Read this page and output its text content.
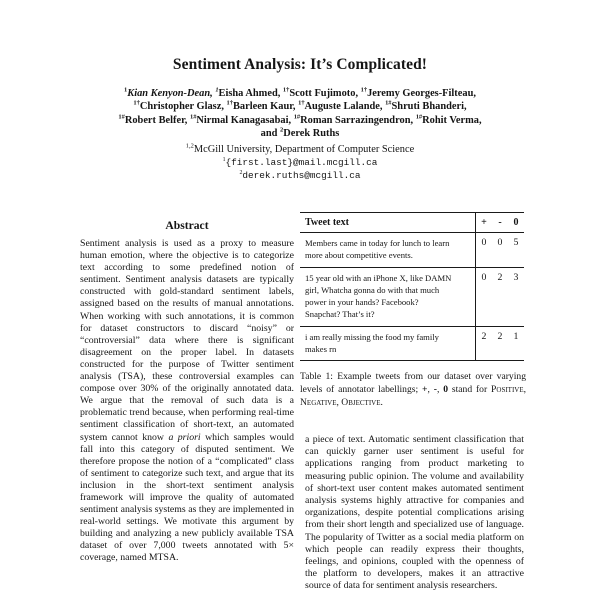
Sentiment Analysis: It’s Complicated!
$^1$Kian Kenyon-Dean, $^1$Eisha Ahmed, $^{1\dagger}$Scott Fujimoto, $^{1\dagger}$Jeremy Georges-Filteau,
$^{1\dagger}$Christopher Glasz, $^{1\dagger}$Barleen Kaur, $^{1\dagger}$Auguste Lalande, $^{1\#}$Shruti Bhanderi,
$^{1\#}$Robert Belfer, $^{1\#}$Nirmal Kanagasabai, $^{1\#}$Roman Sarrazingendron, $^{1\#}$Rohit Verma,
and $^2$Derek Ruths
$^{1,2}$McGill University, Department of Computer Science
$^1${first.last}@mail.mcgill.ca
$^2$derek.ruths@mcgill.ca
Abstract
Sentiment analysis is used as a proxy to measure human emotion, where the objective is to categorize text according to some predefined notion of sentiment. Sentiment analysis datasets are typically constructed with gold-standard sentiment labels, assigned based on the results of manual annotations. When working with such annotations, it is common for dataset constructors to discard “noisy” or “controversial” data where there is significant disagreement on the proper label. In datasets constructed for the purpose of Twitter sentiment analysis (TSA), these controversial examples can compose over 30% of the originally annotated data. We argue that the removal of such data is a problematic trend because, when performing real-time sentiment classification of short-text, an automated system cannot know a priori which samples would fall into this category of disputed sentiment. We therefore propose the notion of a “complicated” class of sentiment to categorize such text, and argue that its inclusion in the short-text sentiment analysis framework will improve the quality of automated sentiment analysis systems as they are implemented in real-world settings. We motivate this argument by building and analyzing a new publicly available TSA dataset of over 7,000 tweets annotated with 5× coverage, named MTSA.
Tweet text	+	-	0
Members came in today for lunch to learn
more about competitive events.
0	0	5
15 year old with an iPhone X, like DAMN
girl, Whatcha gonna do with that much
power in your hands? Facebook?
Snapchat? That’s it?
0	2	3
i am really missing the food my family
makes rn
2	2	1
Table 1: Example tweets from our dataset over varying levels of annotator labellings; +, -, 0 stand for Positive, Negative, Objective.
a piece of text. Automatic sentiment classification that can quickly garner user sentiment is useful for applications ranging from product marketing to measuring public opinion. The volume and availability of short-text user content makes automated sentiment analysis systems highly attractive for companies and organizations, despite potential complications arising from their short length and specialized use of language. The popularity of Twitter as a social media platform on which people can readily express their thoughts, feelings, and opinions, coupled with the openness of the platform to developers, makes it an attractive source of data for sentiment analysis researchers.
